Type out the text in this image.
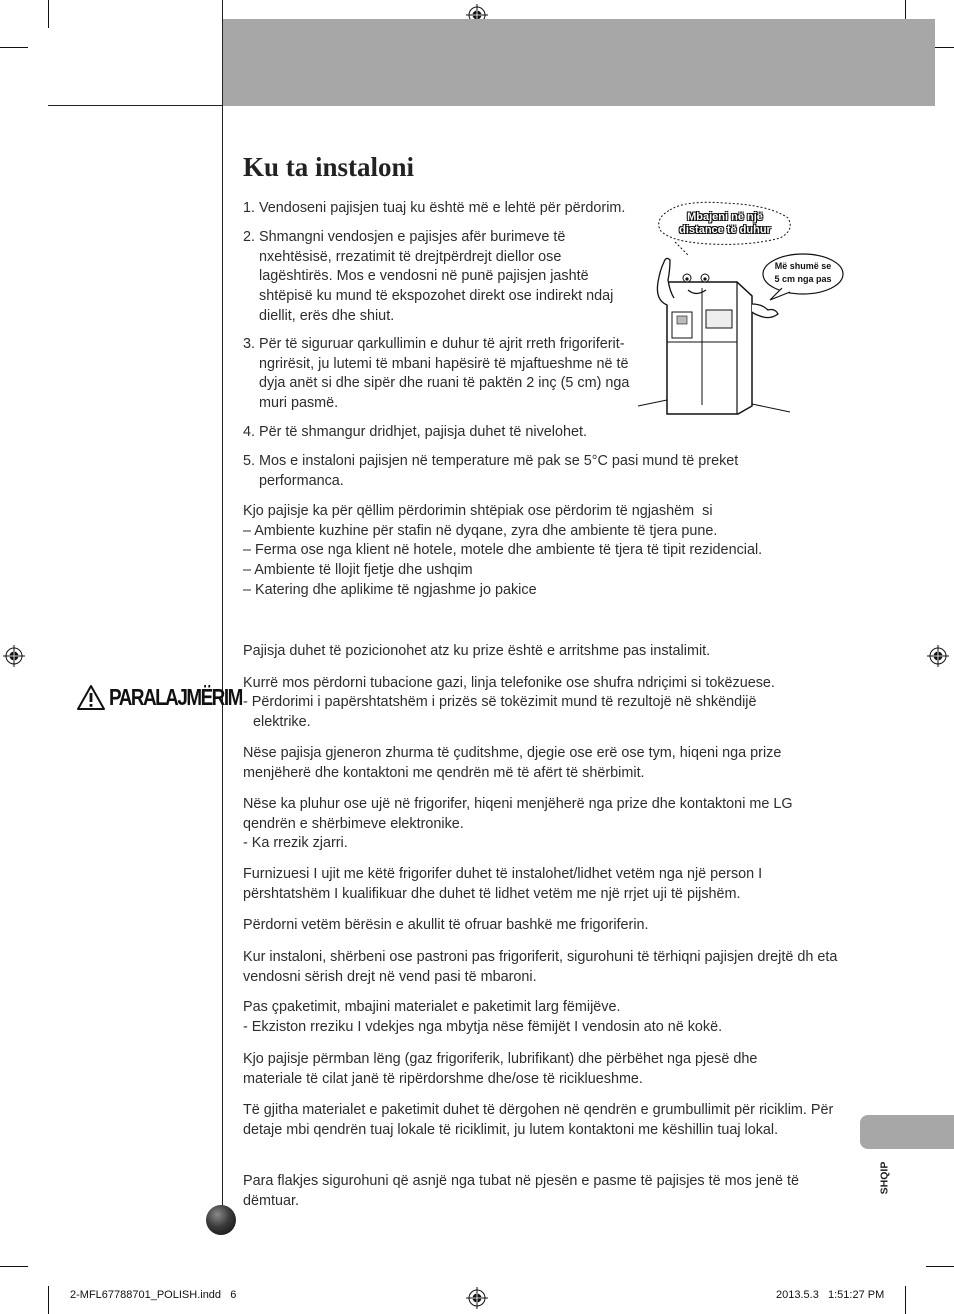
Ku ta instaloni
1. Vendoseni pajisjen tuaj ku është më e lehtë për përdorim.
2. Shmangni vendosjen e pajisjes afër burimeve të nxehtësisë, rrezatimit të drejtpërdrejt diellor ose lagështirës. Mos e vendosni në punë pajisjen jashtë shtëpisë ku mund të ekspozohet direkt ose indirekt ndaj diellit, erës dhe shiut.
3. Për të siguruar qarkullimin e duhur të ajrit rreth frigoriferit- ngrirësit, ju lutemi të mbani hapësirë të mjaftueshme në të dyja anët si dhe sipër dhe ruani të paktën 2 inç (5 cm) nga muri pasmë.
4. Për të shmangur dridhjet, pajisja duhet të nivelohet.
5. Mos e instaloni pajisjen në temperature më pak se 5°C pasi mund të preket performanca.
Kjo pajisje ka për qëllim përdorimin shtëpiak ose përdorim të ngjashëm  si
– Ambiente kuzhine për stafin në dyqane, zyra dhe ambiente të tjera pune.
– Ferma ose nga klient në hotele, motele dhe ambiente të tjera të tipit rezidencial.
– Ambiente të llojit fjetje dhe ushqim
– Katering dhe aplikime të ngjashme jo pakice
Mbajeni në një
distance të duhur
Më shumë se
5 cm nga pas
PARALAJMËRIM
Pajisja duhet të pozicionohet atz ku prize është e arritshme pas instalimit.
Kurrë mos përdorni tubacione gazi, linja telefonike ose shufra ndriçimi si tokëzuese.
- Përdorimi i papërshtatshëm i prizës së tokëzimit mund të rezultojë në shkëndijë elektrike.
Nëse pajisja gjeneron zhurma të çuditshme, djegie ose erë ose tym, hiqeni nga prize menjëherë dhe kontaktoni me qendrën më të afërt të shërbimit.
Nëse ka pluhur ose ujë në frigorifer, hiqeni menjëherë nga prize dhe kontaktoni me LG qendrën e shërbimeve elektronike.
- Ka rrezik zjarri.
Furnizuesi I ujit me këtë frigorifer duhet të instalohet/lidhet vetëm nga një person I përshtatshëm I kualifikuar dhe duhet të lidhet vetëm me një rrjet uji të pijshëm.
Përdorni vetëm bërësin e akullit të ofruar bashkë me frigoriferin.
Kur instaloni, shërbeni ose pastroni pas frigoriferit, sigurohuni të tërhiqni pajisjen drejtë dh eta vendosni sërish drejt në vend pasi të mbaroni.
Pas çpaketimit, mbajini materialet e paketimit larg fëmijëve.
- Ekziston rreziku I vdekjes nga mbytja nëse fëmijët I vendosin ato në kokë.
Kjo pajisje përmban lëng (gaz frigoriferik, lubrifikant) dhe përbëhet nga pjesë dhe materiale të cilat janë të ripërdorshme dhe/ose të riciklueshme.
Të gjitha materialet e paketimit duhet të dërgohen në qendrën e grumbullimit për riciklim. Për detaje mbi qendrën tuaj lokale të riciklimit, ju lutem kontaktoni me këshillin tuaj lokal.
Para flakjes sigurohuni që asnjë nga tubat në pjesën e pasme të pajisjes të mos jenë të dëmtuar.
SHQIP
2-MFL67788701_POLISH.indd   6	2013.5.3   1:51:27 PM
